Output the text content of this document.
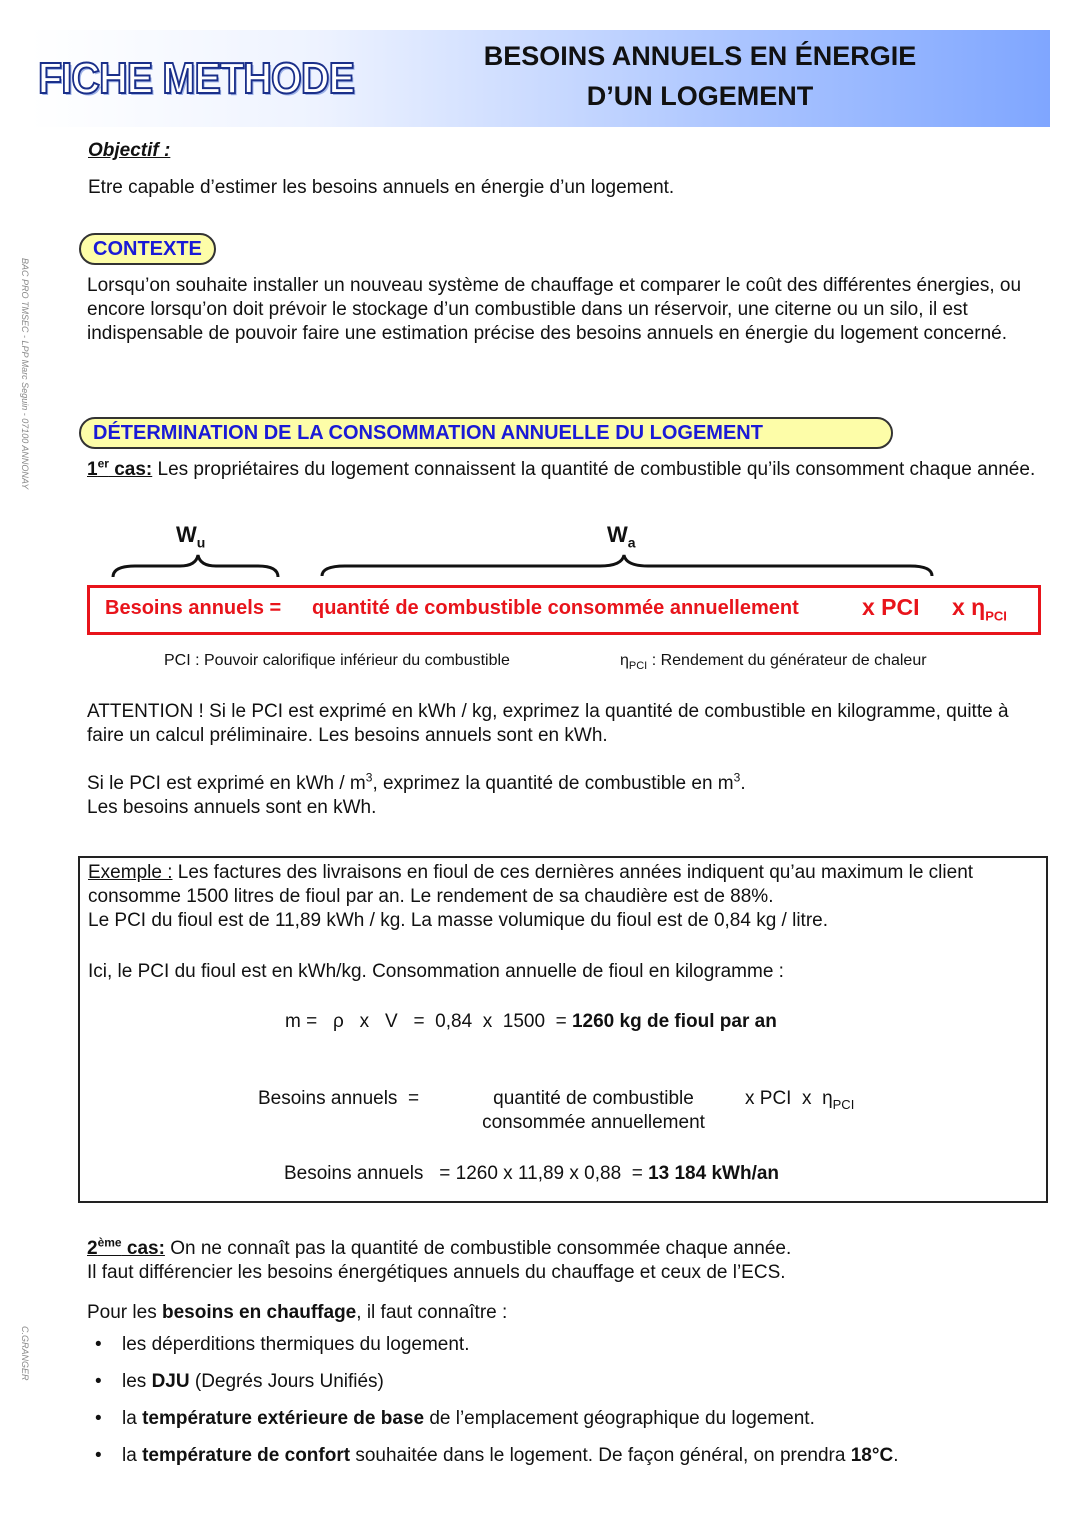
FICHE METHODE	BESOINS ANNUELS EN ÉNERGIE
D’UN LOGEMENT
BAC PRO TMSEC - LPP Marc Seguin - 07100 ANNONAY
C.GRANGER
Objectif :
Etre capable d’estimer les besoins annuels en énergie d’un logement.
CONTEXTE
Lorsqu’on souhaite installer un nouveau système de chauffage et comparer le coût des différentes énergies, ou encore lorsqu’on doit prévoir le stockage d’un combustible dans un réservoir, une citerne ou un silo, il est indispensable de pouvoir faire une estimation précise des besoins annuels en énergie du logement concerné.
DÉTERMINATION DE LA CONSOMMATION ANNUELLE DU LOGEMENT
1er cas: Les propriétaires du logement connaissent la quantité de combustible qu’ils consomment chaque année.
$W_u$	$W_a$
Besoins annuels = quantité de combustible consommée annuellement	x PCI x $\eta_{PCI}$
PCI : Pouvoir calorifique inférieur du combustible	$\eta_{PCI}$ : Rendement du générateur de chaleur
ATTENTION ! Si le PCI est exprimé en kWh / kg, exprimez la quantité de combustible en kilogramme, quitte à faire un calcul préliminaire. Les besoins annuels sont en kWh.
Si le PCI est exprimé en kWh / $m^3$, exprimez la quantité de combustible en $m^3$.
Les besoins annuels sont en kWh.
Exemple : Les factures des livraisons en fioul de ces dernières années indiquent qu’au maximum le client consomme 1500 litres de fioul par an. Le rendement de sa chaudière est de 88%.
Le PCI du fioul est de 11,89 kWh / kg. La masse volumique du fioul est de 0,84 kg / litre.
Ici, le PCI du fioul est en kWh/kg. Consommation annuelle de fioul en kilogramme :
m =   ρ   x   V   =  0,84  x  1500  = 1260 kg de fioul par an
Besoins annuels  =	quantité de combustible consommée annuellement
x PCI  x  $\eta_{PCI}$
Besoins annuels   = 1260 x 11,89 x 0,88  = 13 184 kWh/an
2ème cas: On ne connaît pas la quantité de combustible consommée chaque année.
Il faut différencier les besoins énergétiques annuels du chauffage et ceux de l’ECS.
Pour les besoins en chauffage, il faut connaître :
• les déperditions thermiques du logement.
• les DJU (Degrés Jours Unifiés)
• la température extérieure de base de l’emplacement géographique du logement.
• la température de confort souhaitée dans le logement. De façon général, on prendra 18°C.
